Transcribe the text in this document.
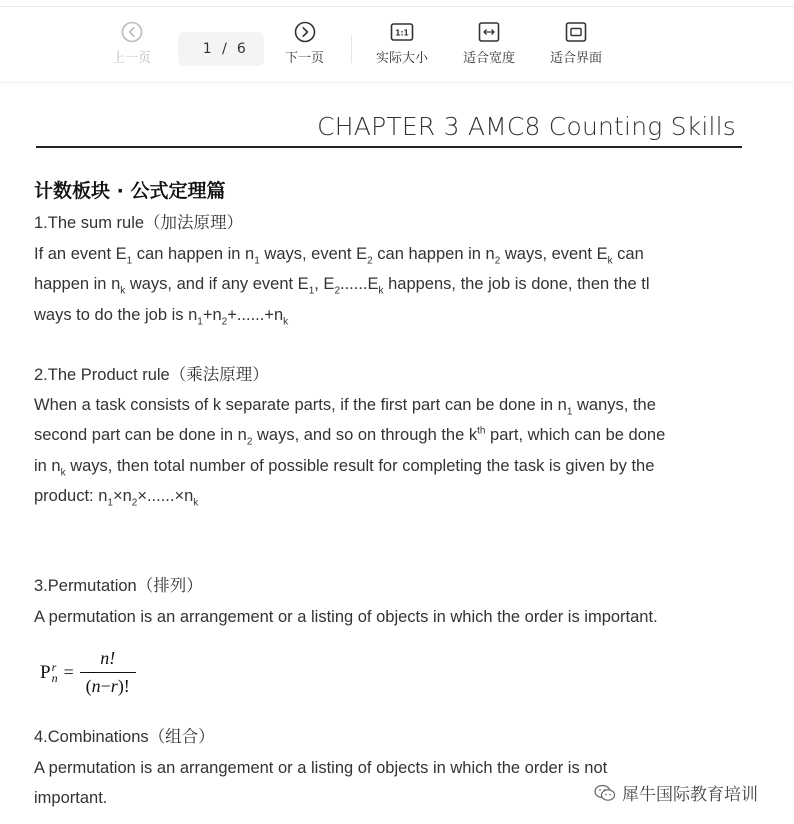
上一页
1
/ 6
下一页
1:1
实际大小	适合宽度	适合界面
CHAPTER 3 AMC8 Counting Skills
计数板块 · 公式定理篇
1.The sum rule（加法原理）
If an event $E_1$ can happen in $n_1$ ways, event $E_2$ can happen in $n_2$ ways, event $E_k$ can
happen in $n_k$ ways, and if any event $E_1$, $E_2......E_k$ happens, the job is done, then the tl
ways to do the job is $n_1+n_2+......+n_k$
2.The Product rule（乘法原理）
When a task consists of k separate parts, if the first part can be done in $n_1$ wanys, the
second part can be done in $n_2$ ways, and so on through the $k^{th}$ part, which can be done
in $n_k$ ways, then total number of possible result for completing the task is given by the
product: $n_1\times n_2\times......\times n_k$
3.Permutation（排列）
A permutation is an arrangement or a listing of objects in which the order is important.
P r
$n = \frac{n!}{(n-r)!}$
4.Combinations（组合）
A permutation is an arrangement or a listing of objects in which the order is not
important.	犀牛国际教育培训
